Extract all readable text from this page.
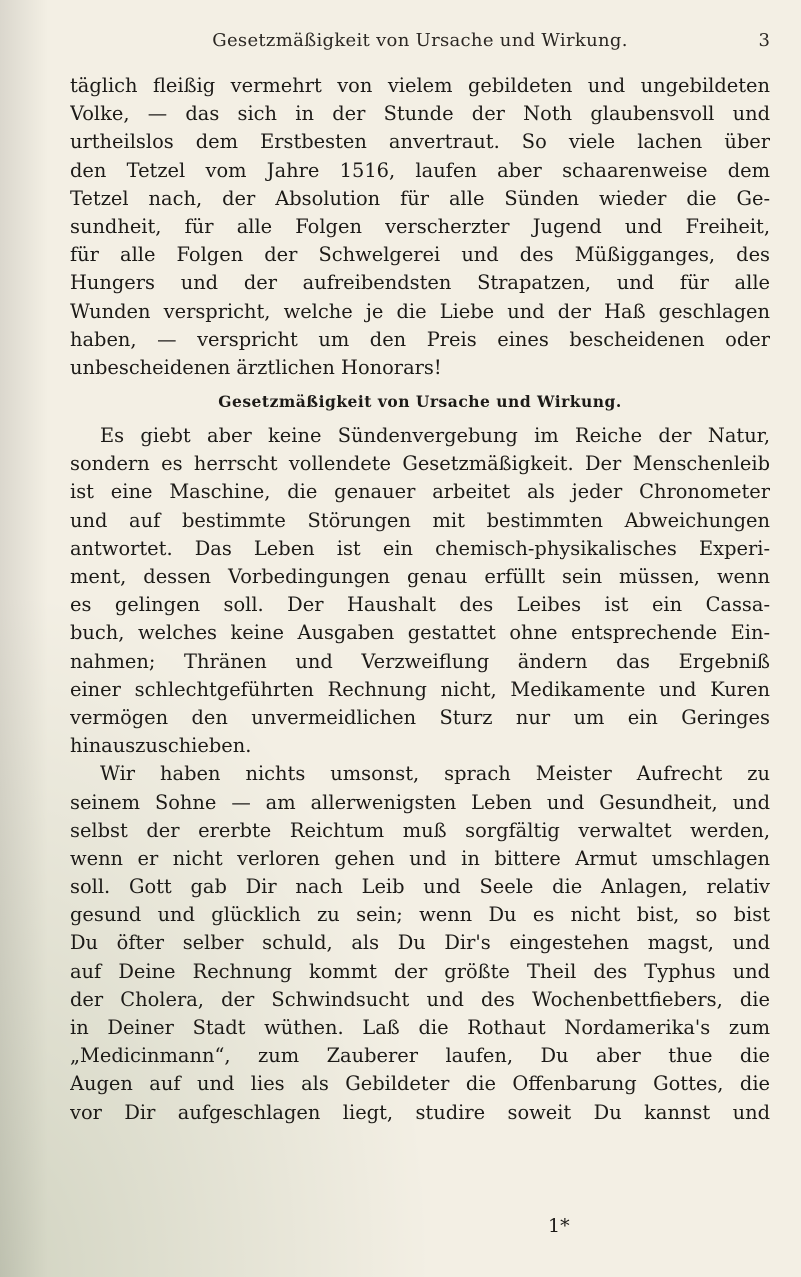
Gesetzmäßigkeit von Ursache und Wirkung.	3
täglich fleißig vermehrt von vielem gebildeten und ungebildeten
Volke, — das sich in der Stunde der Noth glaubensvoll und
urtheilslos dem Erstbesten anvertraut. So viele lachen über
den Tetzel vom Jahre 1516, laufen aber schaarenweise dem
Tetzel nach, der Absolution für alle Sünden wieder die Ge-
sundheit, für alle Folgen verscherzter Jugend und Freiheit,
für alle Folgen der Schwelgerei und des Müßigganges, des
Hungers und der aufreibendsten Strapatzen, und für alle
Wunden verspricht, welche je die Liebe und der Haß geschlagen
haben, — verspricht um den Preis eines bescheidenen oder
unbescheidenen ärztlichen Honorars!
Gesetzmäßigkeit von Ursache und Wirkung.
Es giebt aber keine Sündenvergebung im Reiche der Natur,
sondern es herrscht vollendete Gesetzmäßigkeit. Der Menschenleib
ist eine Maschine, die genauer arbeitet als jeder Chronometer
und auf bestimmte Störungen mit bestimmten Abweichungen
antwortet. Das Leben ist ein chemisch-physikalisches Experi-
ment, dessen Vorbedingungen genau erfüllt sein müssen, wenn
es gelingen soll. Der Haushalt des Leibes ist ein Cassa-
buch, welches keine Ausgaben gestattet ohne entsprechende Ein-
nahmen; Thränen und Verzweiflung ändern das Ergebniß
einer schlechtgeführten Rechnung nicht, Medikamente und Kuren
vermögen den unvermeidlichen Sturz nur um ein Geringes
hinauszuschieben.
Wir haben nichts umsonst, sprach Meister Aufrecht zu
seinem Sohne — am allerwenigsten Leben und Gesundheit, und
selbst der ererbte Reichtum muß sorgfältig verwaltet werden,
wenn er nicht verloren gehen und in bittere Armut umschlagen
soll. Gott gab Dir nach Leib und Seele die Anlagen, relativ
gesund und glücklich zu sein; wenn Du es nicht bist, so bist
Du öfter selber schuld, als Du Dir's eingestehen magst, und
auf Deine Rechnung kommt der größte Theil des Typhus und
der Cholera, der Schwindsucht und des Wochenbettfiebers, die
in Deiner Stadt wüthen. Laß die Rothaut Nordamerika's zum
„Medicinmann“, zum Zauberer laufen, Du aber thue die
Augen auf und lies als Gebildeter die Offenbarung Gottes, die
vor Dir aufgeschlagen liegt, studire soweit Du kannst und
1*
